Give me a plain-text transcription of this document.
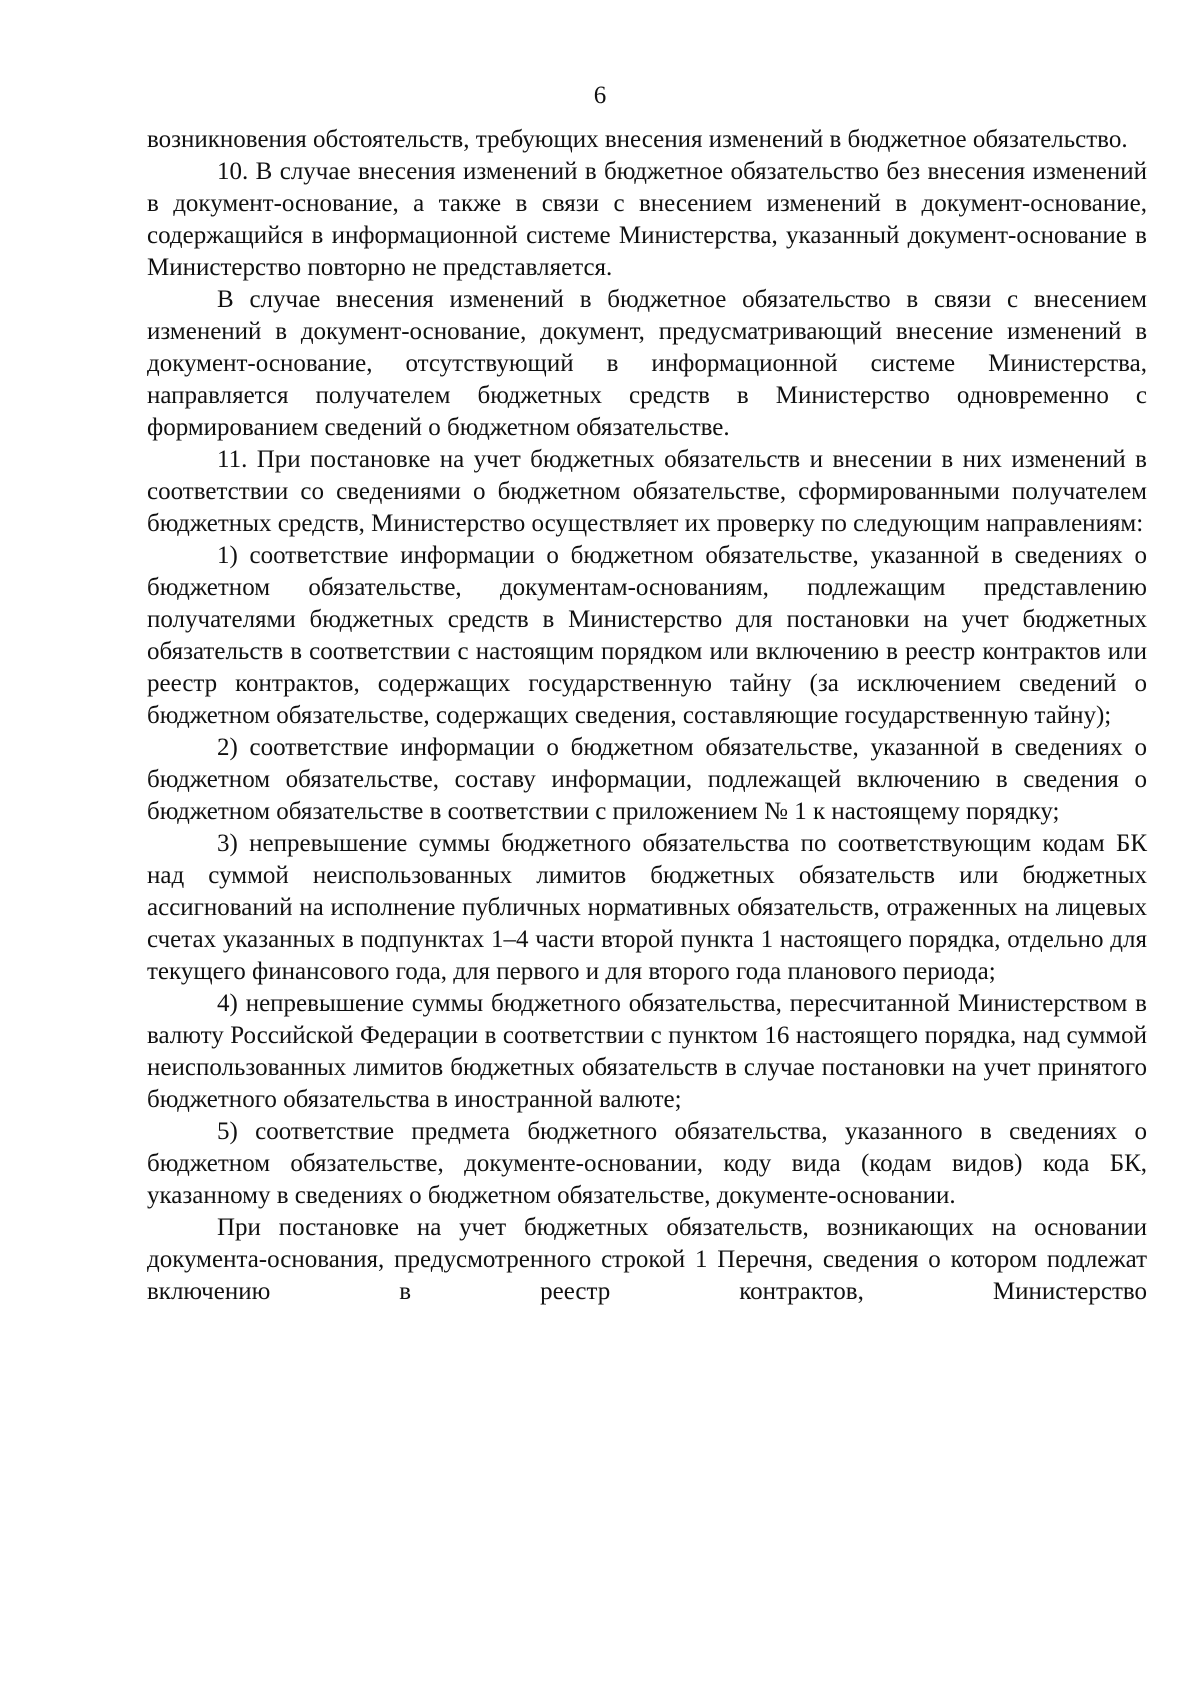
6

возникновения обстоятельств, требующих внесения изменений в бюджетное обязательство.

10. В случае внесения изменений в бюджетное обязательство без внесения изменений в документ-основание, а также в связи с внесением изменений в документ-основание, содержащийся в информационной системе Министерства, указанный документ-основание в Министерство повторно не представляется.

В случае внесения изменений в бюджетное обязательство в связи с внесением изменений в документ-основание, документ, предусматривающий внесение изменений в документ-основание, отсутствующий в информационной системе Министерства, направляется получателем бюджетных средств в Министерство одновременно с формированием сведений о бюджетном обязательстве.

11. При постановке на учет бюджетных обязательств и внесении в них изменений в соответствии со сведениями о бюджетном обязательстве, сформированными получателем бюджетных средств, Министерство осуществляет их проверку по следующим направлениям:

1) соответствие информации о бюджетном обязательстве, указанной в сведениях о бюджетном обязательстве, документам-основаниям, подлежащим представлению получателями бюджетных средств в Министерство для постановки на учет бюджетных обязательств в соответствии с настоящим порядком или включению в реестр контрактов или реестр контрактов, содержащих государственную тайну (за исключением сведений о бюджетном обязательстве, содержащих сведения, составляющие государственную тайну);

2) соответствие информации о бюджетном обязательстве, указанной в сведениях о бюджетном обязательстве, составу информации, подлежащей включению в сведения о бюджетном обязательстве в соответствии с приложением № 1 к настоящему порядку;

3) непревышение суммы бюджетного обязательства по соответствующим кодам БК над суммой неиспользованных лимитов бюджетных обязательств или бюджетных ассигнований на исполнение публичных нормативных обязательств, отраженных на лицевых счетах указанных в подпунктах 1–4 части второй пункта 1 настоящего порядка, отдельно для текущего финансового года, для первого и для второго года планового периода;

4) непревышение суммы бюджетного обязательства, пересчитанной Министерством в валюту Российской Федерации в соответствии с пунктом 16 настоящего порядка, над суммой неиспользованных лимитов бюджетных обязательств в случае постановки на учет принятого бюджетного обязательства в иностранной валюте;

5) соответствие предмета бюджетного обязательства, указанного в сведениях о бюджетном обязательстве, документе-основании, коду вида (кодам видов) кода БК, указанному в сведениях о бюджетном обязательстве, документе-основании.

При постановке на учет бюджетных обязательств, возникающих на основании документа-основания, предусмотренного строкой 1 Перечня, сведения о котором подлежат включению в реестр контрактов, Министерство
